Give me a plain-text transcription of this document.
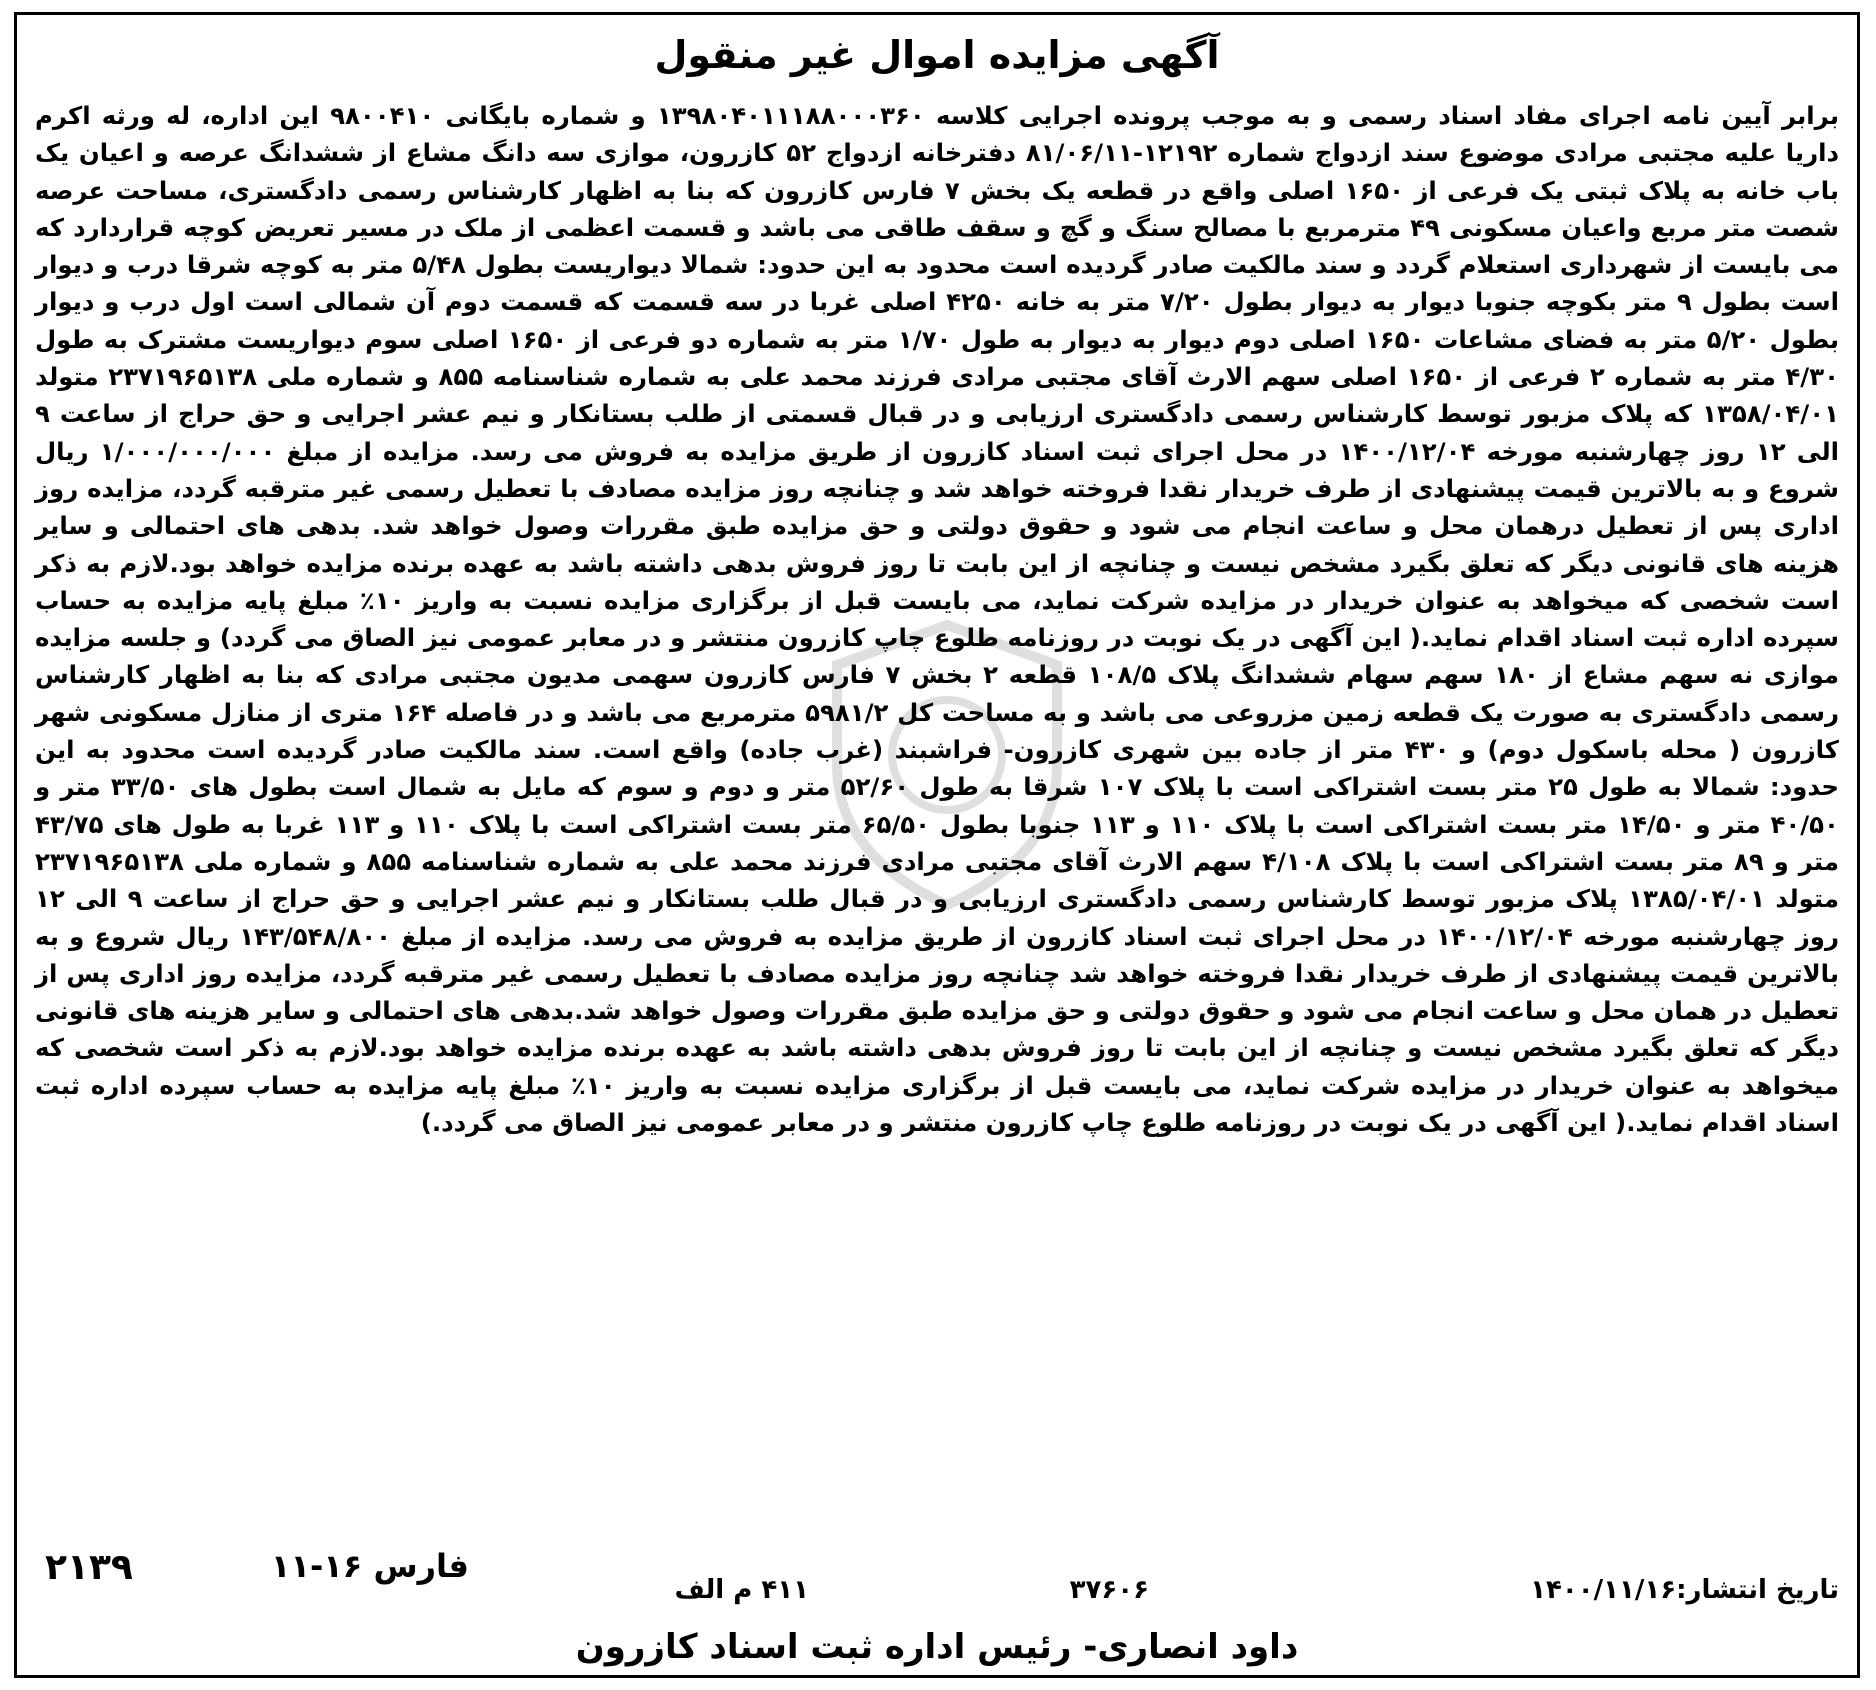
آگهی مزایده اموال غیر منقول
برابر آیین نامه اجرای مفاد اسناد رسمی و به موجب پرونده اجرایی کلاسه ۱۳۹۸۰۴۰۱۱۱۸۸۰۰۰۳۶۰ و شماره بایگانی ۹۸۰۰۴۱۰ این اداره، له ورثه اکرم داریا علیه مجتبی مرادی موضوع سند ازدواج شماره ۱۲۱۹۲-۸۱/۰۶/۱۱ دفترخانه ازدواج ۵۲ کازرون، موازی سه دانگ مشاع از ششدانگ عرصه و اعیان یک باب خانه به پلاک ثبتی یک فرعی از ۱۶۵۰ اصلی واقع در قطعه یک بخش ۷ فارس کازرون که بنا به اظهار کارشناس رسمی دادگستری، مساحت عرصه شصت متر مربع واعیان مسکونی ۴۹ مترمربع با مصالح سنگ و گچ و سقف طاقی می باشد و قسمت اعظمی از ملک در مسیر تعریض کوچه قراردارد که می بایست از شهرداری استعلام گردد و سند مالکیت صادر گردیده است محدود به این حدود: شمالا دیواریست بطول ۵/۴۸ متر به کوچه شرقا درب و دیوار است بطول ۹ متر بکوچه جنوبا دیوار به دیوار بطول ۷/۲۰ متر به خانه ۴۲۵۰ اصلی غربا در سه قسمت که قسمت دوم آن شمالی است اول درب و دیوار بطول ۵/۲۰ متر به فضای مشاعات ۱۶۵۰ اصلی دوم دیوار به دیوار به طول ۱/۷۰ متر به شماره دو فرعی از ۱۶۵۰ اصلی سوم دیواریست مشترک به طول ۴/۳۰ متر به شماره ۲ فرعی از ۱۶۵۰ اصلی سهم الارث آقای مجتبی مرادی فرزند محمد علی به شماره شناسنامه ۸۵۵ و شماره ملی ۲۳۷۱۹۶۵۱۳۸ متولد ۱۳۵۸/۰۴/۰۱ که پلاک مزبور توسط کارشناس رسمی دادگستری ارزیابی و در قبال قسمتی از طلب بستانکار و نیم عشر اجرایی و حق حراج از ساعت ۹ الی ۱۲ روز چهارشنبه مورخه ۱۴۰۰/۱۲/۰۴ در محل اجرای ثبت اسناد کازرون از طریق مزایده به فروش می رسد. مزایده از مبلغ ۱/۰۰۰/۰۰۰/۰۰۰ ریال شروع و به بالاترین قیمت پیشنهادی از طرف خریدار نقدا فروخته خواهد شد و چنانچه روز مزایده مصادف با تعطیل رسمی غیر مترقبه گردد، مزایده روز اداری پس از تعطیل درهمان محل و ساعت انجام می شود و حقوق دولتی و حق مزایده طبق مقررات وصول خواهد شد. بدهی های احتمالی و سایر هزینه های قانونی دیگر که تعلق بگیرد مشخص نیست و چنانچه از این بابت تا روز فروش بدهی داشته باشد به عهده برنده مزایده خواهد بود.لازم به ذکر است شخصی که میخواهد به عنوان خریدار در مزایده شرکت نماید، می بایست قبل از برگزاری مزایده نسبت به واریز ۱۰٪ مبلغ پایه مزایده به حساب سپرده اداره ثبت اسناد اقدام نماید.( این آگهی در یک نوبت در روزنامه طلوع چاپ کازرون منتشر و در معابر عمومی نیز الصاق می گردد) و جلسه مزایده موازی نه سهم مشاع از ۱۸۰ سهم سهام ششدانگ پلاک ۱۰۸/۵ قطعه ۲ بخش ۷ فارس کازرون سهمی مدیون مجتبی مرادی که بنا به اظهار کارشناس رسمی دادگستری به صورت یک قطعه زمین مزروعی می باشد و به مساحت کل ۵۹۸۱/۲ مترمربع می باشد و در فاصله ۱۶۴ متری از منازل مسکونی شهر کازرون ( محله باسکول دوم) و ۴۳۰ متر از جاده بین شهری کازرون- فراشبند (غرب جاده) واقع است. سند مالکیت صادر گردیده است محدود به این حدود: شمالا به طول ۲۵ متر بست اشتراکی است با پلاک ۱۰۷ شرقا به طول ۵۲/۶۰ متر و دوم و سوم که مایل به شمال است بطول های ۳۳/۵۰ متر و ۴۰/۵۰ متر و ۱۴/۵۰ متر بست اشتراکی است با پلاک ۱۱۰ و ۱۱۳ جنوبا بطول ۶۵/۵۰ متر بست اشتراکی است با پلاک ۱۱۰ و ۱۱۳ غربا به طول های ۴۳/۷۵ متر و ۸۹ متر بست اشتراکی است با پلاک ۴/۱۰۸ سهم الارث آقای مجتبی مرادی فرزند محمد علی به شماره شناسنامه ۸۵۵ و شماره ملی ۲۳۷۱۹۶۵۱۳۸ متولد ۱۳۸۵/۰۴/۰۱ پلاک مزبور توسط کارشناس رسمی دادگستری ارزیابی و در قبال طلب بستانکار و نیم عشر اجرایی و حق حراج از ساعت ۹ الی ۱۲ روز چهارشنبه مورخه ۱۴۰۰/۱۲/۰۴ در محل اجرای ثبت اسناد کازرون از طریق مزایده به فروش می رسد. مزایده از مبلغ ۱۴۳/۵۴۸/۸۰۰ ریال شروع و به بالاترین قیمت پیشنهادی از طرف خریدار نقدا فروخته خواهد شد چنانچه روز مزایده مصادف با تعطیل رسمی غیر مترقبه گردد، مزایده روز اداری پس از تعطیل در همان محل و ساعت انجام می شود و حقوق دولتی و حق مزایده طبق مقررات وصول خواهد شد.بدهی های احتمالی و سایر هزینه های قانونی دیگر که تعلق بگیرد مشخص نیست و چنانچه از این بابت تا روز فروش بدهی داشته باشد به عهده برنده مزایده خواهد بود.لازم به ذکر است شخصی که میخواهد به عنوان خریدار در مزایده شرکت نماید، می بایست قبل از برگزاری مزایده نسبت به واریز ۱۰٪ مبلغ پایه مزایده به حساب سپرده اداره ثبت اسناد اقدام نماید.( این آگهی در یک نوبت در روزنامه طلوع چاپ کازرون منتشر و در معابر عمومی نیز الصاق می گردد.)
تاریخ انتشار:۱۴۰۰/۱۱/۱۶
۳۷۶۰۶
۴۱۱ م الف
فارس ۱۶-۱۱
۲۱۳۹
داود انصاری- رئیس اداره ثبت اسناد کازرون
